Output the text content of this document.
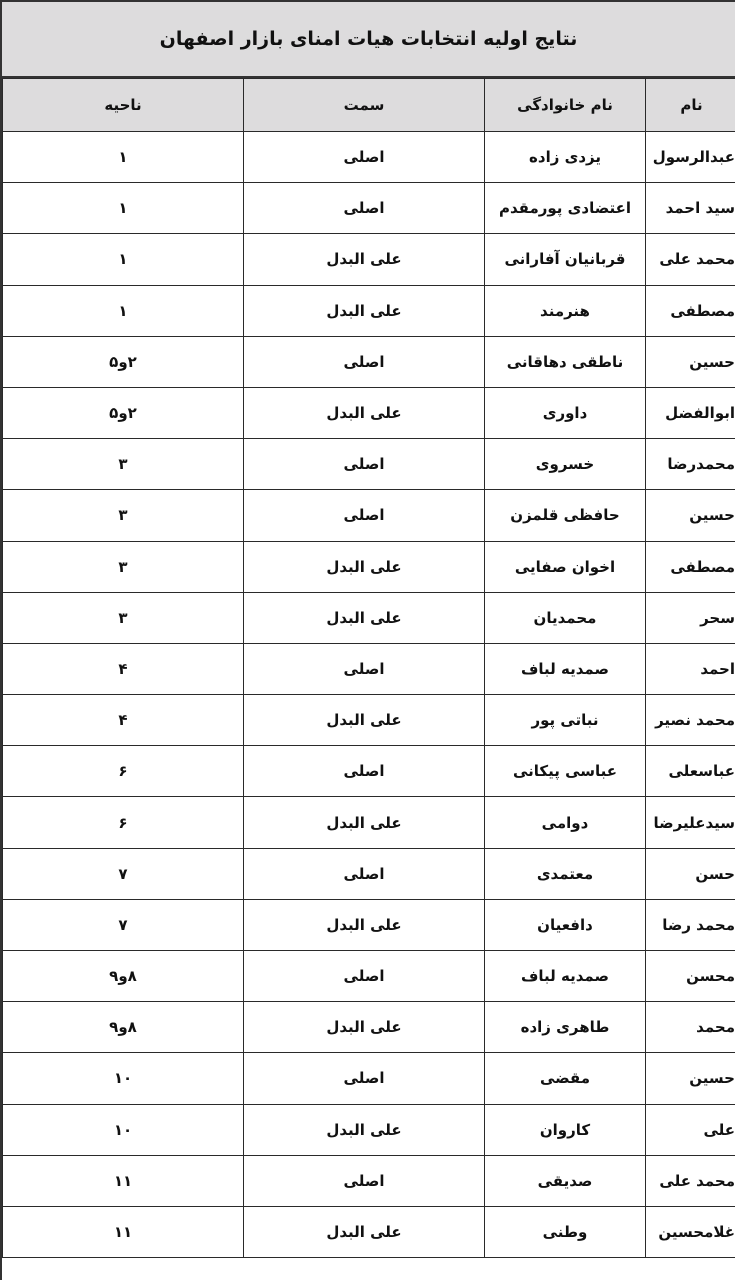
نتایج اولیه انتخابات هیات امنای بازار اصفهان
نام	نام خانوادگی	سمت	ناحیه
عبدالرسول	یزدی زاده	اصلی	۱
سید احمد	اعتضادی پورمقدم	اصلی	۱
محمد علی	قربانیان آفارانی	علی البدل	۱
مصطفی	هنرمند	علی البدل	۱
حسین	ناطقی دهاقانی	اصلی	۲و۵
ابوالفضل	داوری	علی البدل	۲و۵
محمدرضا	خسروی	اصلی	۳
حسین	حافظی قلمزن	اصلی	۳
مصطفی	اخوان صفایی	علی البدل	۳
سحر	محمدیان	علی البدل	۳
احمد	صمدیه لباف	اصلی	۴
محمد نصیر	نباتی پور	علی البدل	۴
عباسعلی	عباسی پیکانی	اصلی	۶
سیدعلیرضا	دوامی	علی البدل	۶
حسن	معتمدی	اصلی	۷
محمد رضا	دافعیان	علی البدل	۷
محسن	صمدیه لباف	اصلی	۸و۹
محمد	طاهری زاده	علی البدل	۸و۹
حسین	مقضی	اصلی	۱۰
علی	کاروان	علی البدل	۱۰
محمد علی	صدیقی	اصلی	۱۱
غلامحسین	وطنی	علی البدل	۱۱
